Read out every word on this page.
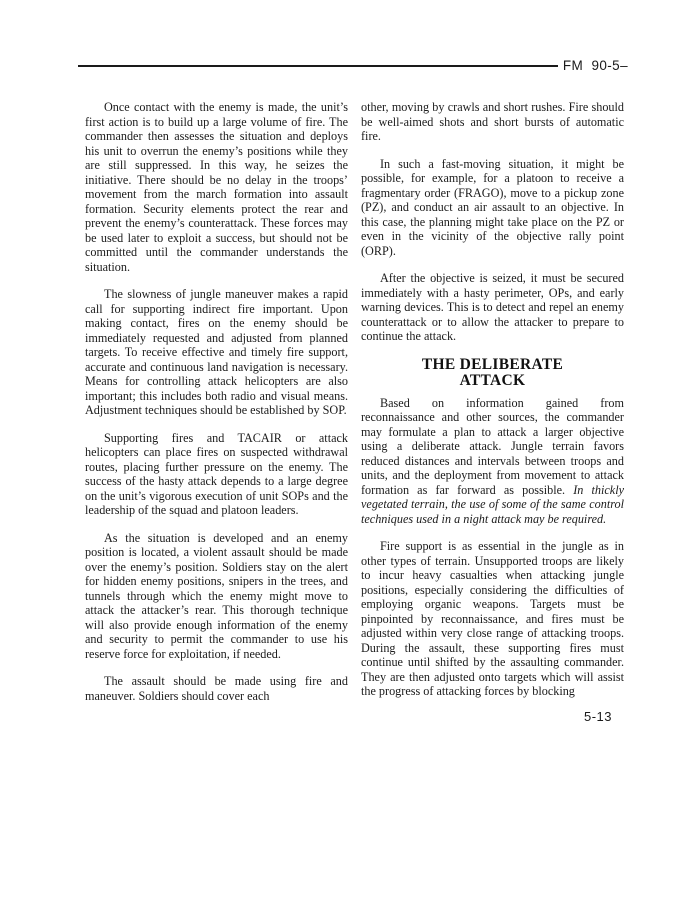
FM  90-5–

Once contact with the enemy is made, the unit’s first action is to build up a large volume of fire. The commander then assesses the situation and deploys his unit to overrun the enemy’s positions while they are still suppressed. In this way, he seizes the initiative. There should be no delay in the troops’ movement from the march formation into assault formation. Security elements protect the rear and prevent the enemy’s counterattack. These forces may be used later to exploit a success, but should not be committed until the commander understands the situation.

The slowness of jungle maneuver makes a rapid call for supporting indirect fire important. Upon making contact, fires on the enemy should be immediately requested and adjusted from planned targets. To receive effective and timely fire support, accurate and continuous land navigation is necessary. Means for controlling attack helicopters are also important; this includes both radio and visual means. Adjustment techniques should be established by SOP.

Supporting fires and TACAIR or attack helicopters can place fires on suspected withdrawal routes, placing further pressure on the enemy. The success of the hasty attack depends to a large degree on the unit’s vigorous execution of unit SOPs and the leadership of the squad and platoon leaders.

As the situation is developed and an enemy position is located, a violent assault should be made over the enemy’s position. Soldiers stay on the alert for hidden enemy positions, snipers in the trees, and tunnels through which the enemy might move to attack the attacker’s rear. This thorough technique will also provide enough information of the enemy and security to permit the commander to use his reserve force for exploitation, if needed.

The assault should be made using fire and maneuver. Soldiers should cover each

other, moving by crawls and short rushes. Fire should be well-aimed shots and short bursts of automatic fire.

In such a fast-moving situation, it might be possible, for example, for a platoon to receive a fragmentary order (FRAGO), move to a pickup zone (PZ), and conduct an air assault to an objective. In this case, the planning might take place on the PZ or even in the vicinity of the objective rally point (ORP).

After the objective is seized, it must be secured immediately with a hasty perimeter, OPs, and early warning devices. This is to detect and repel an enemy counterattack or to allow the attacker to prepare to continue the attack.

THE DELIBERATE
ATTACK

Based on information gained from reconnaissance and other sources, the commander may formulate a plan to attack a larger objective using a deliberate attack. Jungle terrain favors reduced distances and intervals between troops and units, and the deployment from movement to attack formation as far forward as possible. In thickly vegetated terrain, the use of some of the same control techniques used in a night attack may be required.

Fire support is as essential in the jungle as in other types of terrain. Unsupported troops are likely to incur heavy casualties when attacking jungle positions, especially considering the difficulties of employing organic weapons. Targets must be pinpointed by reconnaissance, and fires must be adjusted within very close range of attacking troops. During the assault, these supporting fires must continue until shifted by the assaulting commander. They are then adjusted onto targets which will assist the progress of attacking forces by blocking

5-13
